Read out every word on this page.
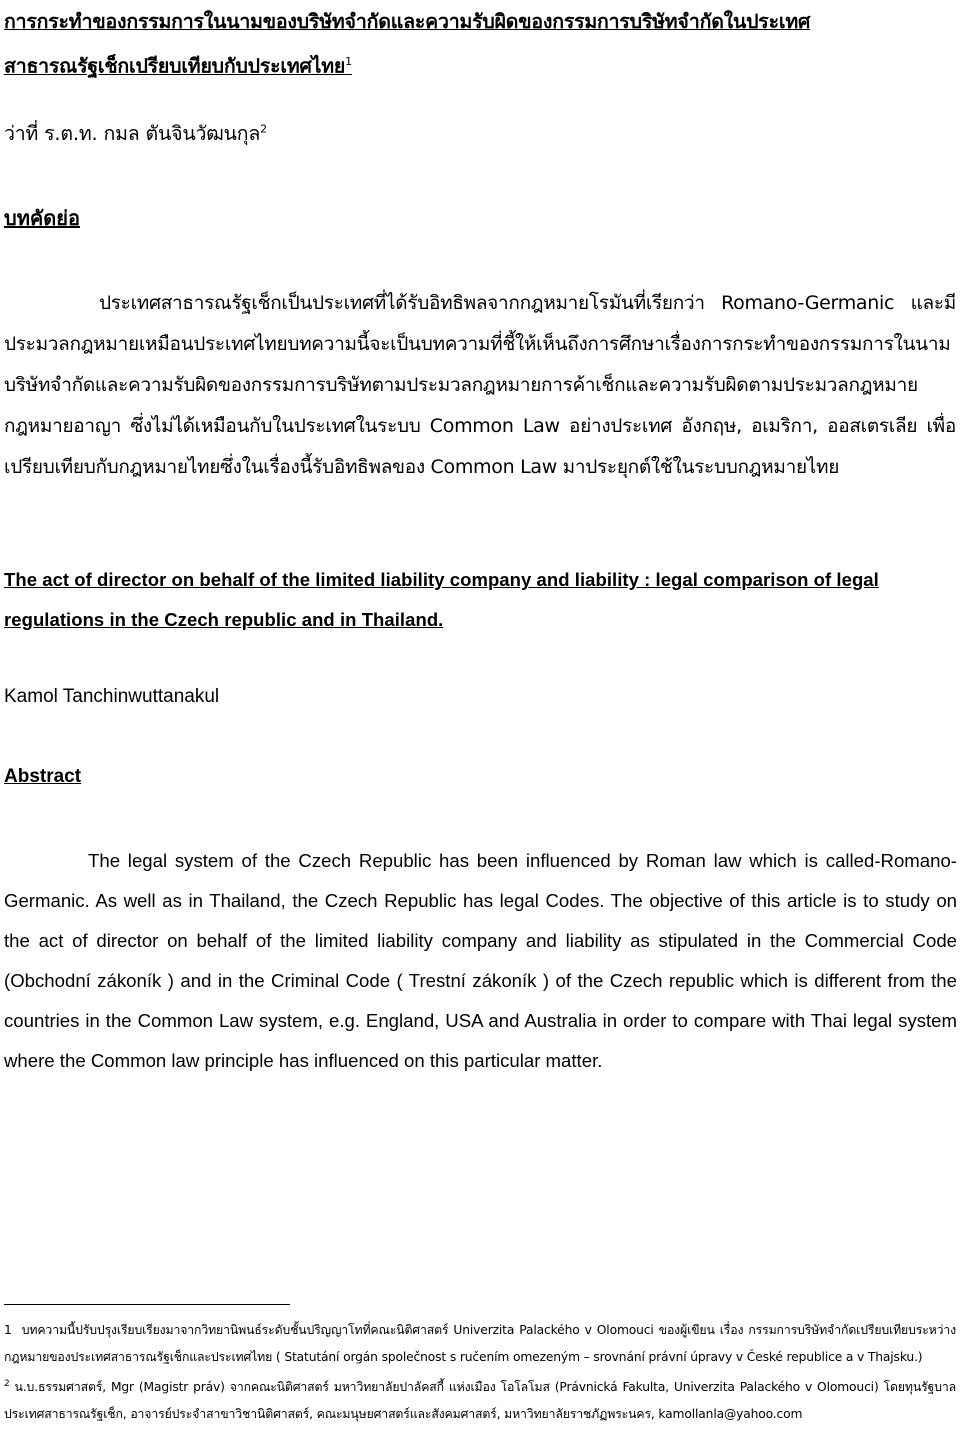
การกระทำของกรรมการในนามของบริษัทจำกัดและความรับผิดของกรรมการบริษัทจำกัดในประเทศ
สาธารณรัฐเช็กเปรียบเทียบกับประเทศไทย$^1$
ว่าที่ ร.ต.ท. กมล ตันจินวัฒนกุล$^2$
บทคัดย่อ
ประเทศสาธารณรัฐเช็กเป็นประเทศที่ได้รับอิทธิพลจากกฎหมายโรมันที่เรียกว่า Romano-Germanic และมีประมวลกฎหมายเหมือนประเทศไทยบทความนี้จะเป็นบทความที่ชี้ให้เห็นถึงการศึกษาเรื่องการกระทำของกรรมการในนามบริษัทจำกัดและความรับผิดของกรรมการบริษัทตามประมวลกฎหมายการค้าเช็กและความรับผิดตามประมวลกฎหมายกฎหมายอาญา ซึ่งไม่ได้เหมือนกับในประเทศในระบบ Common Law อย่างประเทศ อังกฤษ, อเมริกา, ออสเตรเลีย เพื่อเปรียบเทียบกับกฎหมายไทยซึ่งในเรื่องนี้รับอิทธิพลของ Common Law มาประยุกต์ใช้ในระบบกฎหมายไทย
The act of director on behalf of the limited liability company and liability : legal comparison of legal regulations in the Czech republic and in Thailand.
Kamol Tanchinwuttanakul
Abstract
The legal system of the Czech Republic has been influenced by Roman law which is called-Romano- Germanic. As well as in Thailand, the Czech Republic has legal Codes. The objective of this article is to study on the act of director on behalf of the limited liability company and liability as stipulated in the Commercial Code (Obchodní zákoník ) and in the Criminal Code ( Trestní zákoník ) of the Czech republic which is different from the countries in the Common Law system, e.g. England, USA and Australia in order to compare with Thai legal system where the Common law principle has influenced on this particular matter.
1 บทความนี้ปรับปรุงเรียบเรียงมาจากวิทยานิพนธ์ระดับชั้นปริญญาโทที่คณะนิติศาสตร์ Univerzita Palackého v Olomouci ของผู้เขียน เรื่อง กรรมการบริษัทจำกัดเปรียบเทียบระหว่างกฎหมายของประเทศสาธารณรัฐเช็กและประเทศไทย ( Statutání orgán společnost s ručením omezeným – srovnání právní úpravy v České republice a v Thajsku.)
$^2$ น.บ.ธรรมศาสตร์, Mgr (Magistr práv) จากคณะนิติศาสตร์ มหาวิทยาลัยปาลัคสกี้ แห่งเมือง โอโลโมส (Právnická Fakulta, Univerzita Palackého v Olomouci) โดยทุนรัฐบาลประเทศสาธารณรัฐเช็ก, อาจารย์ประจำสาขาวิชานิติศาสตร์, คณะมนุษยศาสตร์และสังคมศาสตร์, มหาวิทยาลัยราชภัฏพระนคร, kamollanla@yahoo.com
